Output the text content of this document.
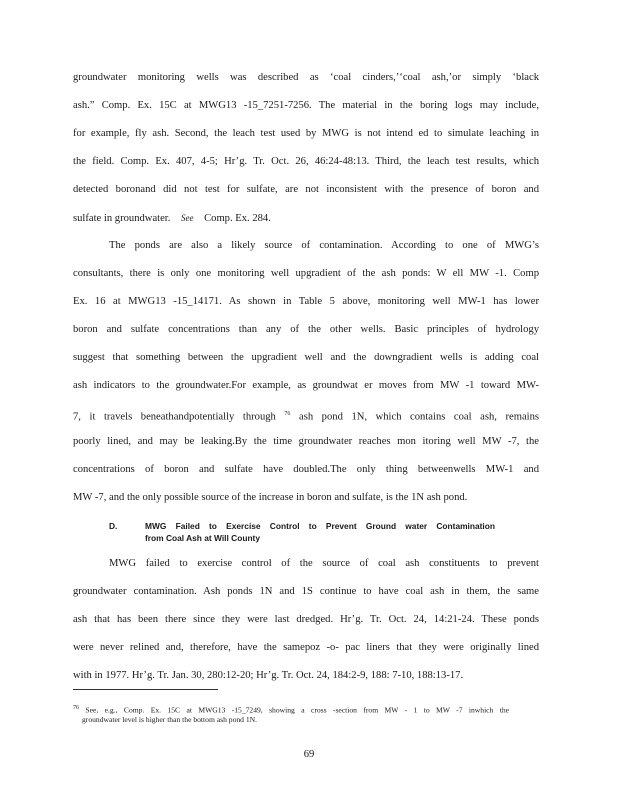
groundwater monitoring wells was described as ‘coal cinders,’‘coal ash,’or simply ‘black
ash.” Comp. Ex. 15C at MWG13 -15_7251-7256. The material in the boring logs may include,
for example, fly ash. Second, the leach test used by MWG is not intend ed to simulate leaching in
the field. Comp. Ex. 407, 4-5; Hr’g. Tr. Oct. 26, 46:24-48:13. Third, the leach test results, which
detected boronand did not test for sulfate, are not inconsistent with the presence of boron and
sulfate in groundwater. See Comp. Ex. 284.
The ponds are also a likely source of contamination. According to one of MWG’s
consultants, there is only one monitoring well upgradient of the ash ponds: W ell MW -1. Comp
Ex. 16 at MWG13 -15_14171. As shown in Table 5 above, monitoring well MW-1 has lower
boron and sulfate concentrations than any of the other wells. Basic principles of hydrology
suggest that something between the upgradient well and the downgradient wells is adding coal
ash indicators to the groundwater.For example, as groundwat er moves from MW -1 toward MW-
7, it travels beneathandpotentially through $^{76}$ ash pond 1N, which contains coal ash, remains
poorly lined, and may be leaking.By the time groundwater reaches mon itoring well MW -7, the
concentrations of boron and sulfate have doubled.The only thing betweenwells MW-1 and
MW -7, and the only possible source of the increase in boron and sulfate, is the 1N ash pond.
D.	MWG Failed to Exercise Control to Prevent Ground water Contamination
from Coal Ash at Will County
MWG failed to exercise control of the source of coal ash constituents to prevent
groundwater contamination. Ash ponds 1N and 1S continue to have coal ash in them, the same
ash that has been there since they were last dredged. Hr’g. Tr. Oct. 24, 14:21-24. These ponds
were never relined and, therefore, have the samepoz -o- pac liners that they were originally lined
with in 1977. Hr’g. Tr. Jan. 30, 280:12-20; Hr’g. Tr. Oct. 24, 184:2-9, 188: 7-10, 188:13-17.
$^{76}$ See, e.g., Comp. Ex. 15C at MWG13 -15_7249, showing a cross -section from MW - 1 to MW -7 inwhich the
groundwater level is higher than the bottom ash pond 1N.
69
